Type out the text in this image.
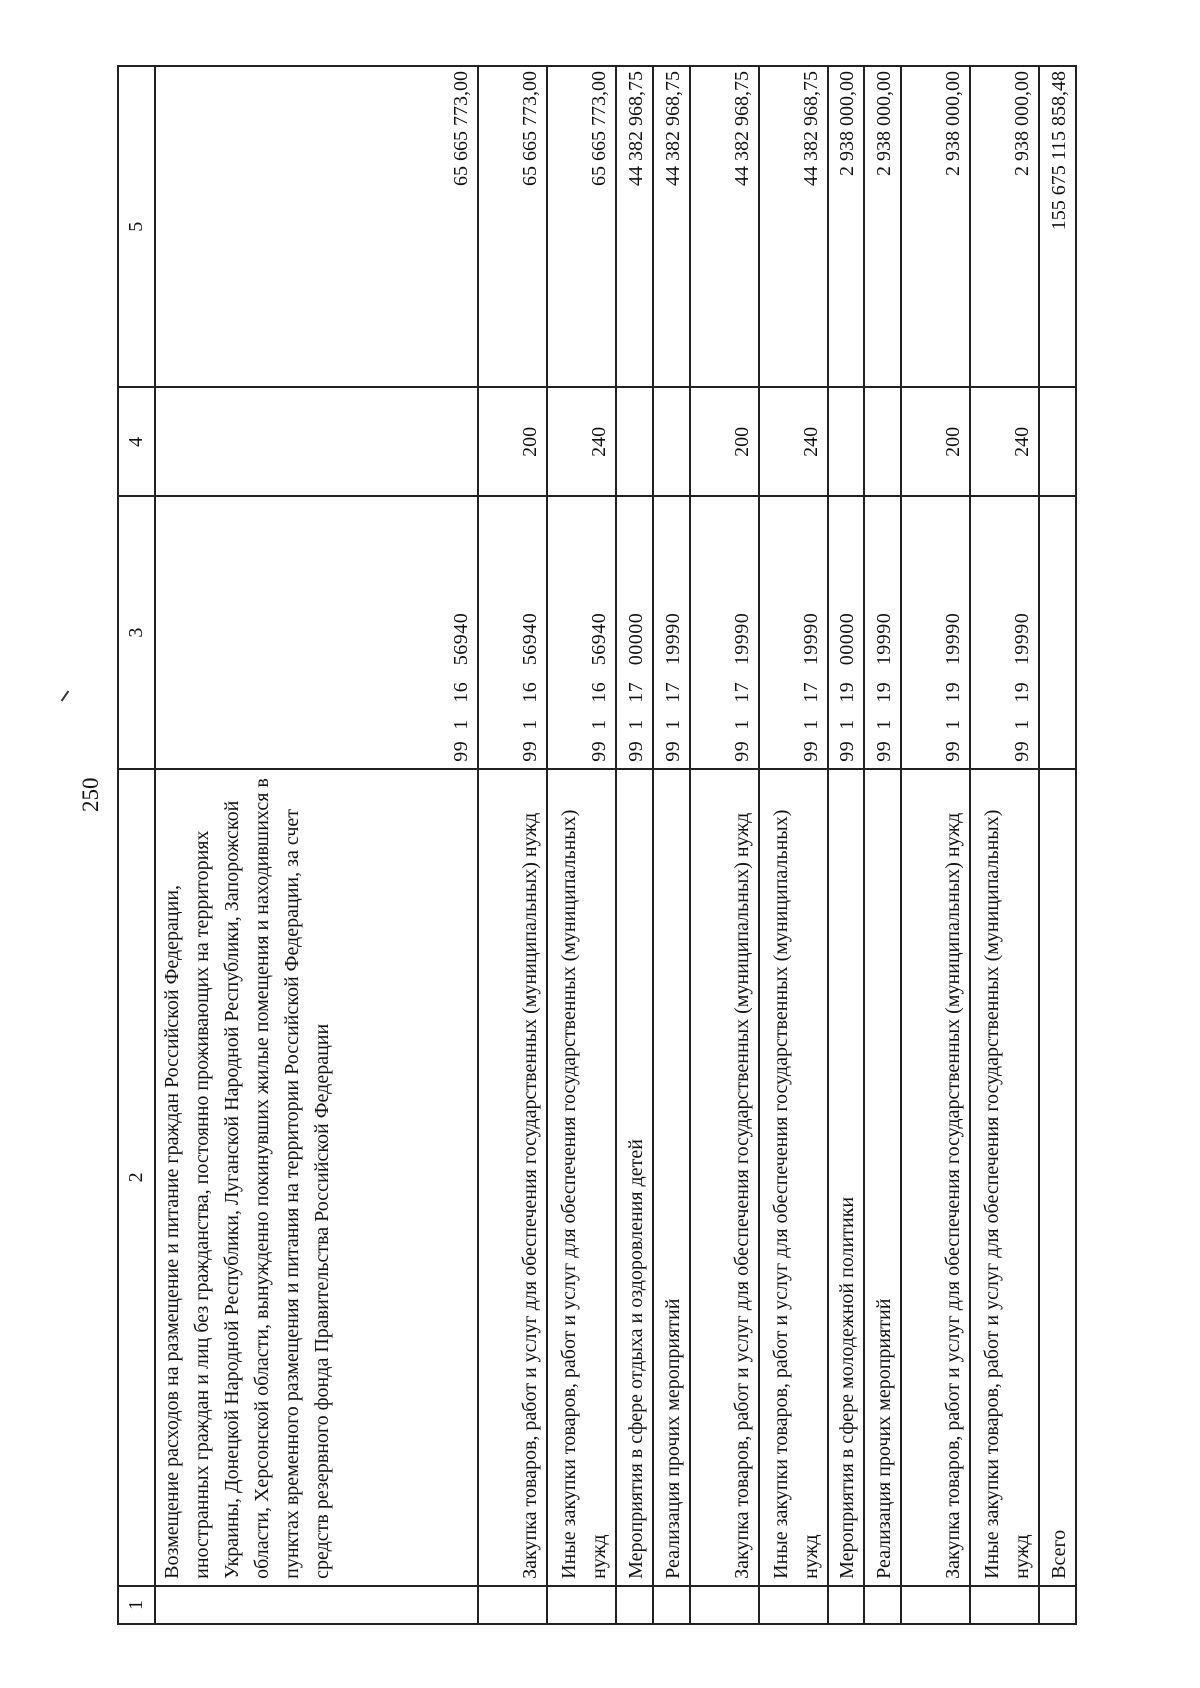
250
1	2	3	4	5
	Возмещение расходов на размещение и питание граждан Российской Федерации, иностранных граждан и лиц без гражданства, постоянно проживающих на территориях Украины, Донецкой Народной Республики, Луганской Народной Республики, Запорожской области, Херсонской области, вынужденно покинувших жилые помещения и находившихся в пунктах временного размещения и питания на территории Российской Федерации, за счет средств резервного фонда Правительства Российской Федерации	99  1   16   56940		65 665 773,00
	Закупка товаров, работ и услуг для обеспечения государственных (муниципальных) нужд	99  1   16   56940	200	65 665 773,00
	Иные закупки товаров, работ и услуг для обеспечения государственных (муниципальных) нужд	99  1   16   56940	240	65 665 773,00
	Мероприятия в сфере отдыха и оздоровления детей	99  1   17   00000		44 382 968,75
	Реализация прочих мероприятий	99  1   17   19990		44 382 968,75
	Закупка товаров, работ и услуг для обеспечения государственных (муниципальных) нужд	99  1   17   19990	200	44 382 968,75
	Иные закупки товаров, работ и услуг для обеспечения государственных (муниципальных) нужд	99  1   17   19990	240	44 382 968,75
	Мероприятия в сфере молодежной политики	99  1   19   00000		2 938 000,00
	Реализация прочих мероприятий	99  1   19   19990		2 938 000,00
	Закупка товаров, работ и услуг для обеспечения государственных (муниципальных) нужд	99  1   19   19990	200	2 938 000,00
	Иные закупки товаров, работ и услуг для обеспечения государственных (муниципальных) нужд	99  1   19   19990	240	2 938 000,00
	Всего			155 675 115 858,48
